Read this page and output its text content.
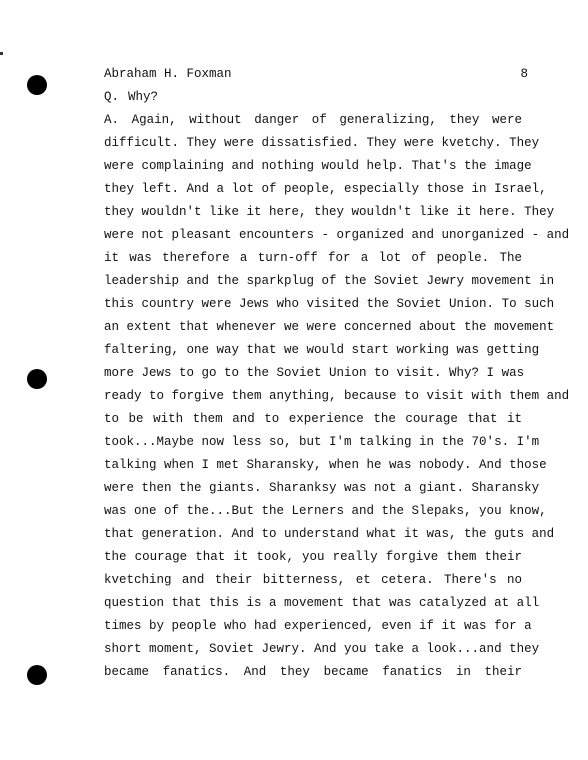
Abraham H. Foxman	8
Q. Why?
A. Again, without danger of generalizing, they were
difficult. They were dissatisfied. They were kvetchy. They
were complaining and nothing would help. That's the image
they left. And a lot of people, especially those in Israel,
they wouldn't like it here, they wouldn't like it here. They
were not pleasant encounters - organized and unorganized - and
it was therefore a turn-off for a lot of people. The
leadership and the sparkplug of the Soviet Jewry movement in
this country were Jews who visited the Soviet Union. To such
an extent that whenever we were concerned about the movement
faltering, one way that we would start working was getting
more Jews to go to the Soviet Union to visit. Why? I was
ready to forgive them anything, because to visit with them and
to be with them and to experience the courage that it
took...Maybe now less so, but I'm talking in the 70's. I'm
talking when I met Sharansky, when he was nobody. And those
were then the giants. Sharanksy was not a giant. Sharansky
was one of the...But the Lerners and the Slepaks, you know,
that generation. And to understand what it was, the guts and
the courage that it took, you really forgive them their
kvetching and their bitterness, et cetera. There's no
question that this is a movement that was catalyzed at all
times by people who had experienced, even if it was for a
short moment, Soviet Jewry. And you take a look...and they
became fanatics. And they became fanatics in their
